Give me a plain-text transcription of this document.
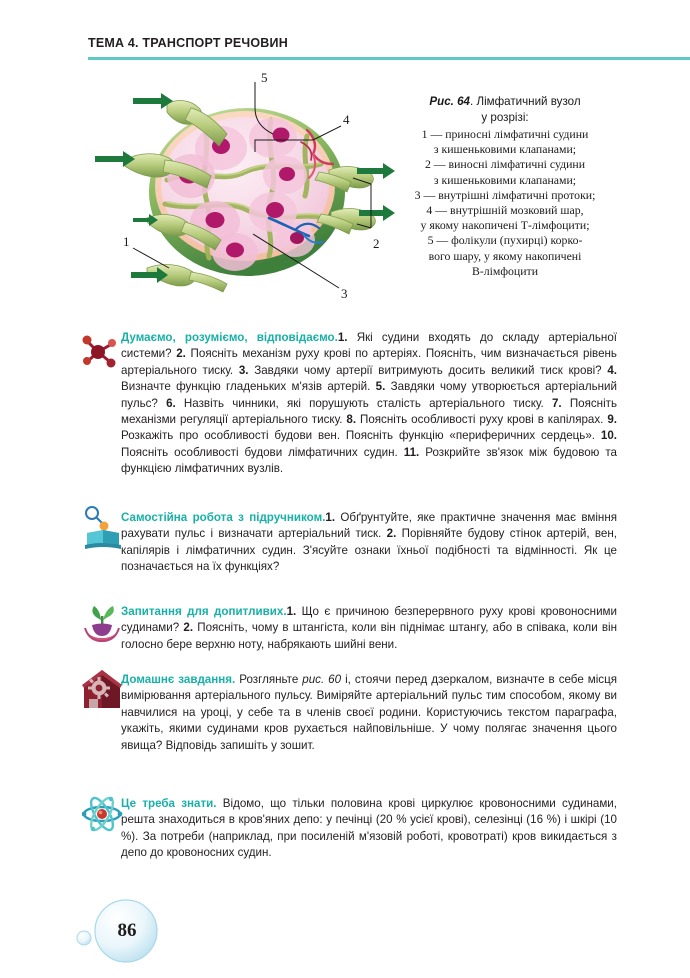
ТЕМА 4. ТРАНСПОРТ РЕЧОВИН
5
4
2
1
3
Рис. 64. Лімфатичний вузол
у розрізі:
1 — приносні лімфатичні судини
з кишеньковими клапанами;
2 — виносні лімфатичні судини
з кишеньковими клапанами;
3 — внутрішні лімфатичні протоки;
4 — внутрішній мозковий шар,
у якому накопичені Т-лімфоцити;
5 — фолікули (пухирці) корко-
вого шару, у якому накопичені
В-лімфоцити

Думаємо, розуміємо, відповідаємо.1. Які судини входять до складу артеріальної системи? 2. Поясніть механізм руху крові по артеріях. Поясніть, чим визначається рівень артеріального тиску. 3. Завдяки чому артерії витримують досить великий тиск крові? 4. Визначте функцію гладеньких м'язів артерій. 5. Завдяки чому утворюється артеріальний пульс? 6. Назвіть чинники, які порушують сталість артеріального тиску. 7. Поясніть механізми регуляції артеріального тиску. 8. Поясніть особливості руху крові в капілярах. 9. Розкажіть про особливості будови вен. Поясніть функцію «периферичних сердець». 10. Поясніть особливості будови лімфатичних судин. 11. Розкрийте зв'язок між будовою та функцією лімфатичних вузлів.

Самостійна робота з підручником.1. Обґрунтуйте, яке практичне значення має вміння рахувати пульс і визначати артеріальний тиск. 2. Порівняйте будову стінок артерій, вен, капілярів і лімфатичних судин. З'ясуйте ознаки їхньої подібності та відмінності. Як це позначається на їх функціях?

Запитання для допитливих.1. Що є причиною безперервного руху крові кровоносними судинами? 2. Поясніть, чому в штангіста, коли він піднімає штангу, або в співака, коли він голосно бере верхню ноту, набрякають шийні вени.

Домашнє завдання. Розгляньте рис. 60 і, стоячи перед дзеркалом, визначте в себе місця вимірювання артеріального пульсу. Виміряйте артеріальний пульс тим способом, якому ви навчилися на уроці, у себе та в членів своєї родини. Користуючись текстом параграфа, укажіть, якими судинами кров рухається найповільніше. У чому полягає значення цього явища? Відповідь запишіть у зошит.

Це треба знати. Відомо, що тільки половина крові циркулює кровоносними судинами, решта знаходиться в кров'яних депо: у печінці (20 % усієї крові), селезінці (16 %) і шкірі (10 %). За потреби (наприклад, при посиленій м'язовій роботі, кровотраті) кров викидається з депо до кровоносних судин.

86
